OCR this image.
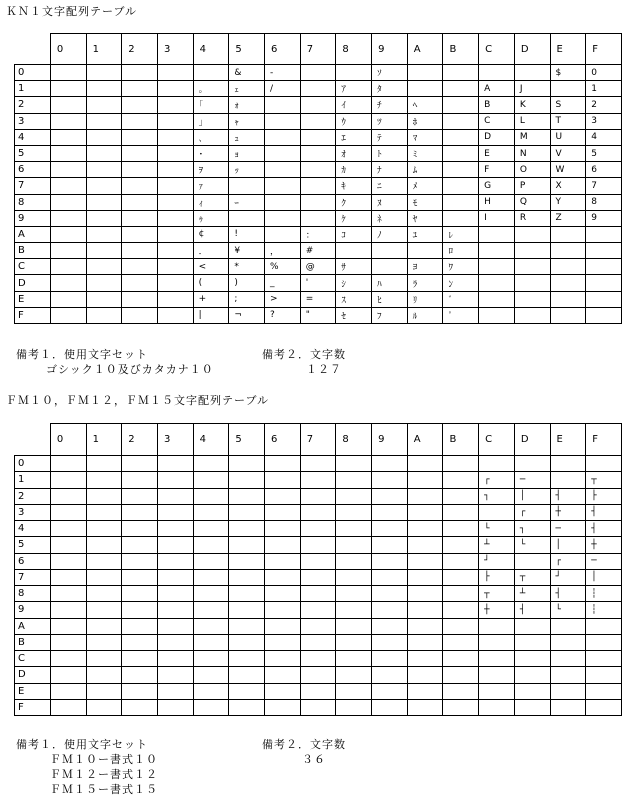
ＫＮ１文字配列テーブル
	0	1	2	3	4	5	6	7	8	9	A	B	C	D	E	F
0						&	-			ｿ					$	0
1					｡	ｪ	/		ｱ	ﾀ			A	J		1
2					｢	ｫ			ｲ	ﾁ	ﾍ		B	K	S	2
3					｣	ｬ			ｳ	ﾂ	ﾎ		C	L	T	3
4					､	ｭ			ｴ	ﾃ	ﾏ		D	M	U	4
5					･	ｮ			ｵ	ﾄ	ﾐ		E	N	V	5
6					ｦ	ｯ			ｶ	ﾅ	ﾑ		F	O	W	6
7					ｧ				ｷ	ﾆ	ﾒ		G	P	X	7
8					ｨ	ｰ			ｸ	ﾇ	ﾓ		H	Q	Y	8
9					ｩ				ｹ	ﾈ	ﾔ		I	R	Z	9
A					¢	!		：	ｺ	ﾉ	ﾕ	ﾚ				
B					．	¥	，	#				ﾛ				
C					<	*	%	@	ｻ		ﾖ	ﾜ				
D					(	)	_	'	ｼ	ﾊ	ﾗ	ﾝ				
E					+	;	>	=	ｽ	ﾋ	ﾘ	ﾞ				
F					|	¬	?	"	ｾ	ﾌ	ﾙ	ﾟ				
備考１．使用文字セット
ゴシック１０及びカタカナ１０
備考２．文字数
１２７
ＦＭ１０，ＦＭ１２，ＦＭ１５文字配列テーブル
	0	1	2	3	4	5	6	7	8	9	A	B	C	D	E	F
0																
1													┌	─		┬
2													┐	│	┤	├
3														┌	┼	┤
4													└	┐	─	┤
5													┴	└	│	┼
6													┘		┌	─
7													├	┬	┘	│
8													┬	┴	┤	┆
9													┼	┤	└	┆
A																
B																
C																
D																
E																
F																
備考１．使用文字セット
ＦＭ１０ー書式１０
ＦＭ１２ー書式１２
ＦＭ１５ー書式１５
備考２．文字数
３６
